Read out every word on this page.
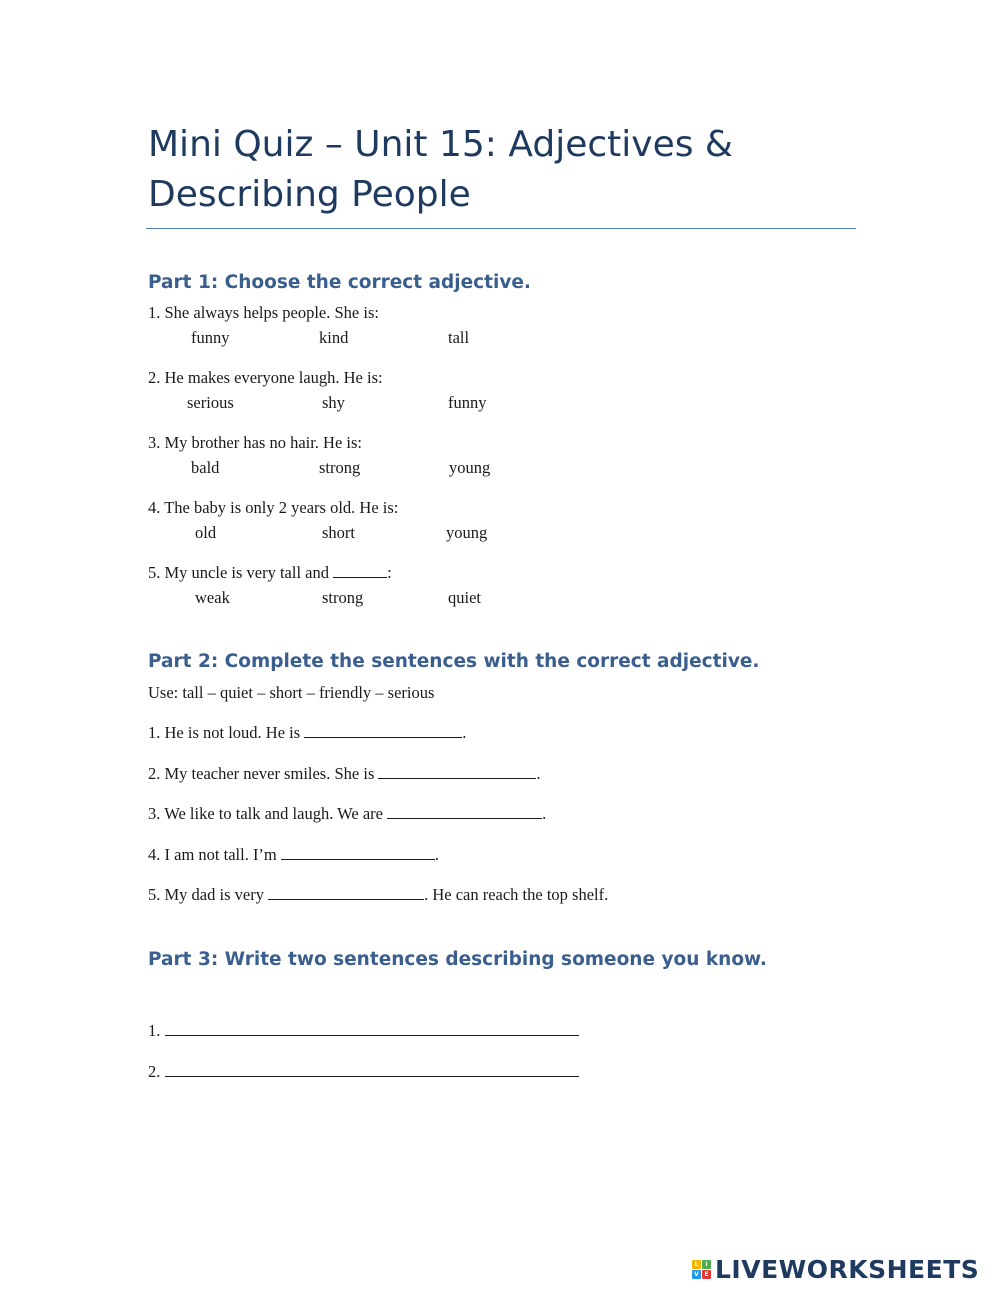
Mini Quiz – Unit 15: Adjectives & Describing People
Part 1: Choose the correct adjective.

1. She always helps people. She is:

funny	kind	tall

2. He makes everyone laugh. He is:

serious	shy	funny

3. My brother has no hair. He is:

bald	strong	young

4. The baby is only 2 years old. He is:

old	short	young

5. My uncle is very tall and	:

weak	strong	quiet
Part 2: Complete the sentences with the correct adjective.

Use: tall – quiet – short – friendly – serious

1. He is not loud. He is	.

2. My teacher never smiles. She is	.

3. We like to talk and laugh. We are	.

4. I am not tall. I’m	.

5. My dad is very	. He can reach the top shelf.

Part 3: Write two sentences describing someone you know.

1.

2.

L	I
V E LIVEWORKSHEETS
